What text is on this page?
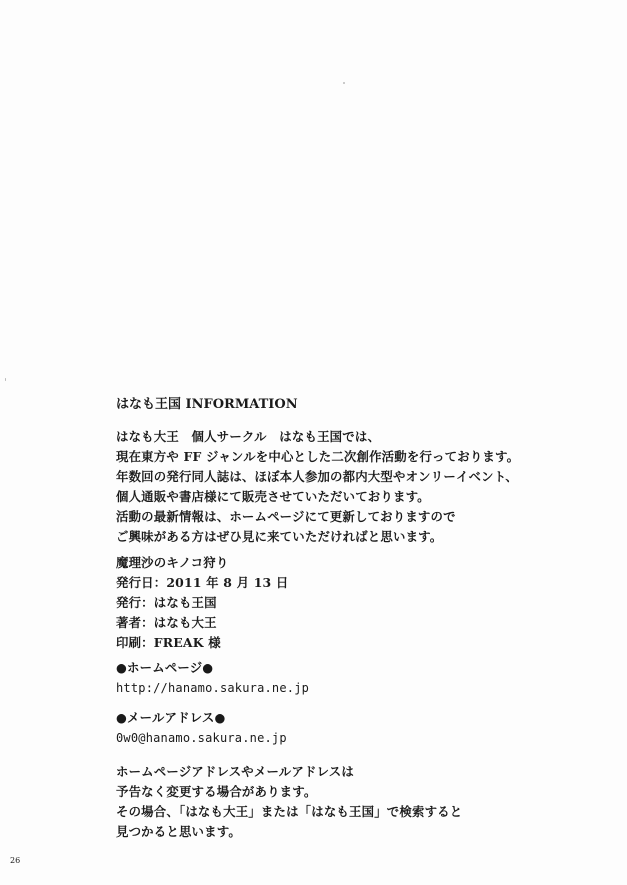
はなも王国 INFORMATION
はなも大王　個人サークル　はなも王国では、
現在東方や FF ジャンルを中心とした二次創作活動を行っております。
年数回の発行同人誌は、ほぼ本人参加の都内大型やオンリーイベント、
個人通販や書店様にて販売させていただいております。
活動の最新情報は、ホームページにて更新しておりますので
ご興味がある方はぜひ見に来ていただければと思います。
魔理沙のキノコ狩り
発行日：2011 年 8 月 13 日
発行：はなも王国
著者：はなも大王
印刷：FREAK 様
●ホームページ●
http://hanamo.sakura.ne.jp
●メールアドレス●
0w0@hanamo.sakura.ne.jp
ホームページアドレスやメールアドレスは
予告なく変更する場合があります。
その場合、「はなも大王」または「はなも王国」で検索すると
見つかると思います。
26
